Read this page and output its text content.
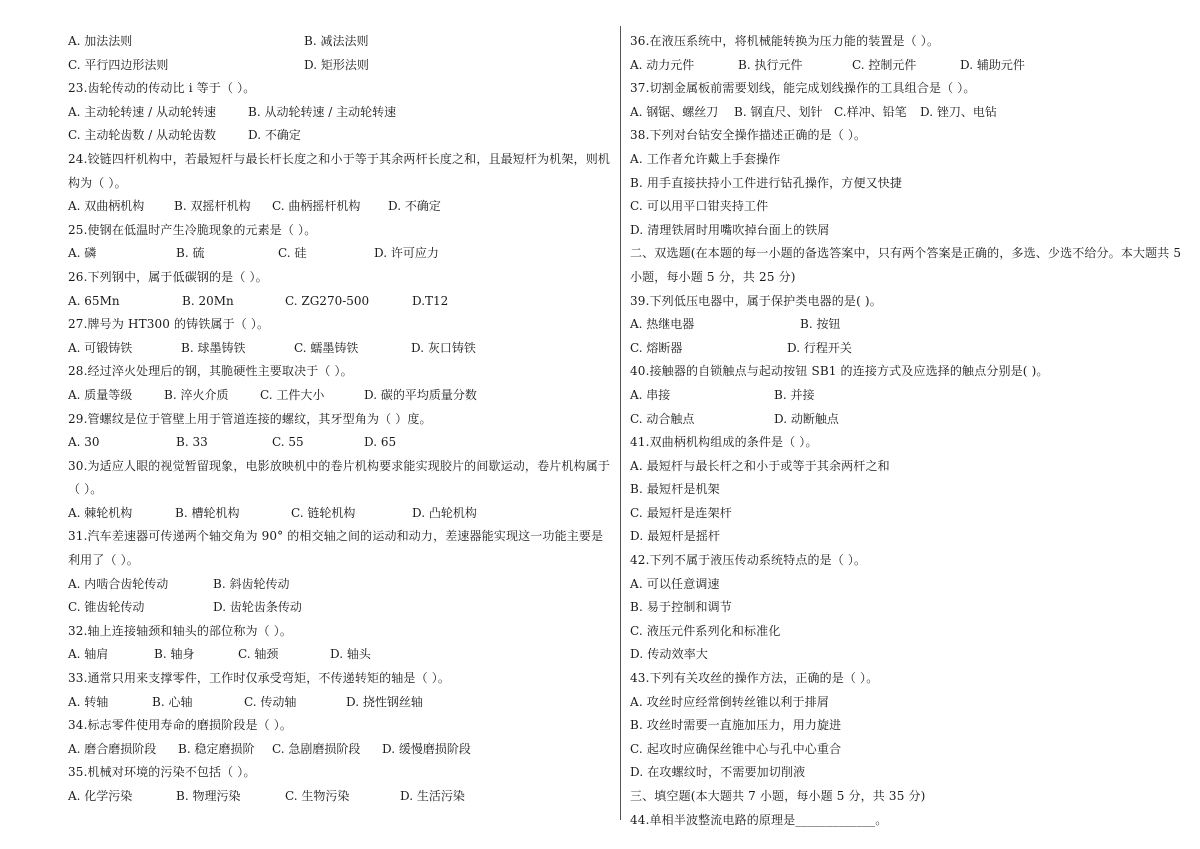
A. 加法法则	B. 减法法则
C. 平行四边形法则	D. 矩形法则
23.齿轮传动的传动比 i 等于（ ）。
A. 主动轮转速 / 从动轮转速	B. 从动轮转速 / 主动轮转速
C. 主动轮齿数 / 从动轮齿数	D. 不确定
24.铰链四杆机构中，若最短杆与最长杆长度之和小于等于其余两杆长度之和，且最短杆为机架，则机
构为（ ）。
A. 双曲柄机构 B. 双摇杆机构 C. 曲柄摇杆机构 D. 不确定
25.使钢在低温时产生冷脆现象的元素是（ ）。
A. 磷	B. 硫	C. 硅	D. 许可应力
26.下列钢中，属于低碳钢的是（ ）。
A. 65Mn	B. 20Mn	C. ZG270-500	D.T12
27.牌号为 HT300 的铸铁属于（ ）。
A. 可锻铸铁	B. 球墨铸铁	C. 蠕墨铸铁	D. 灰口铸铁
28.经过淬火处理后的钢，其脆硬性主要取决于（ ）。
A. 质量等级	B. 淬火介质	C. 工件大小	D. 碳的平均质量分数
29.管螺纹是位于管壁上用于管道连接的螺纹，其牙型角为（ ）度。
A. 30	B. 33	C. 55	D. 65
30.为适应人眼的视觉暂留现象，电影放映机中的卷片机构要求能实现胶片的间歇运动，卷片机构属于
（ ）。
A. 棘轮机构	B. 槽轮机构	C. 链轮机构	D. 凸轮机构
31.汽车差速器可传递两个轴交角为 90° 的相交轴之间的运动和动力，差速器能实现这一功能主要是
利用了（ ）。
A. 内啮合齿轮传动	B. 斜齿轮传动
C. 锥齿轮传动	D. 齿轮齿条传动
32.轴上连接轴颈和轴头的部位称为（ ）。
A. 轴肩	B. 轴身	C. 轴颈	D. 轴头
33.通常只用来支撑零件，工作时仅承受弯矩，不传递转矩的轴是（ ）。
A. 转轴	B. 心轴	C. 传动轴	D. 挠性钢丝轴
34.标志零件使用寿命的磨损阶段是（ ）。
A. 磨合磨损阶段 B. 稳定磨损阶 C. 急剧磨损阶段 D. 缓慢磨损阶段
35.机械对环境的污染不包括（ ）。
A. 化学污染	B. 物理污染	C. 生物污染	D. 生活污染
36.在液压系统中，将机械能转换为压力能的装置是（ ）。
A. 动力元件	B. 执行元件	C. 控制元件	D. 辅助元件
37.切割金属板前需要划线，能完成划线操作的工具组合是（ ）。
A. 钢锯、螺丝刀 B. 钢直尺、划针 C.样冲、铅笔 D. 锉刀、电钻
38.下列对台钻安全操作描述正确的是（ ）。
A. 工作者允许戴上手套操作
B. 用手直接扶持小工件进行钻孔操作，方便又快捷
C. 可以用平口钳夹持工件
D. 清理铁屑时用嘴吹掉台面上的铁屑
二、双选题(在本题的每一小题的备选答案中，只有两个答案是正确的，多选、少选不给分。本大题共 5
小题，每小题 5 分，共 25 分)
39.下列低压电器中，属于保护类电器的是( )。
A. 热继电器	B. 按钮
C. 熔断器	D. 行程开关
40.接触器的自锁触点与起动按钮 SB1 的连接方式及应选择的触点分别是( )。
A. 串接	B. 并接
C. 动合触点	D. 动断触点
41.双曲柄机构组成的条件是（ ）。
A. 最短杆与最长杆之和小于或等于其余两杆之和
B. 最短杆是机架
C. 最短杆是连架杆
D. 最短杆是摇杆
42.下列不属于液压传动系统特点的是（ ）。
A. 可以任意调速
B. 易于控制和调节
C. 液压元件系列化和标准化
D. 传动效率大
43.下列有关攻丝的操作方法，正确的是（ ）。
A. 攻丝时应经常倒转丝锥以利于排屑
B. 攻丝时需要一直施加压力，用力旋进
C. 起攻时应确保丝锥中心与孔中心重合
D. 在攻螺纹时，不需要加切削液
三、填空题(本大题共 7 小题，每小题 5 分，共 35 分)
44.单相半波整流电路的原理是_____________。
